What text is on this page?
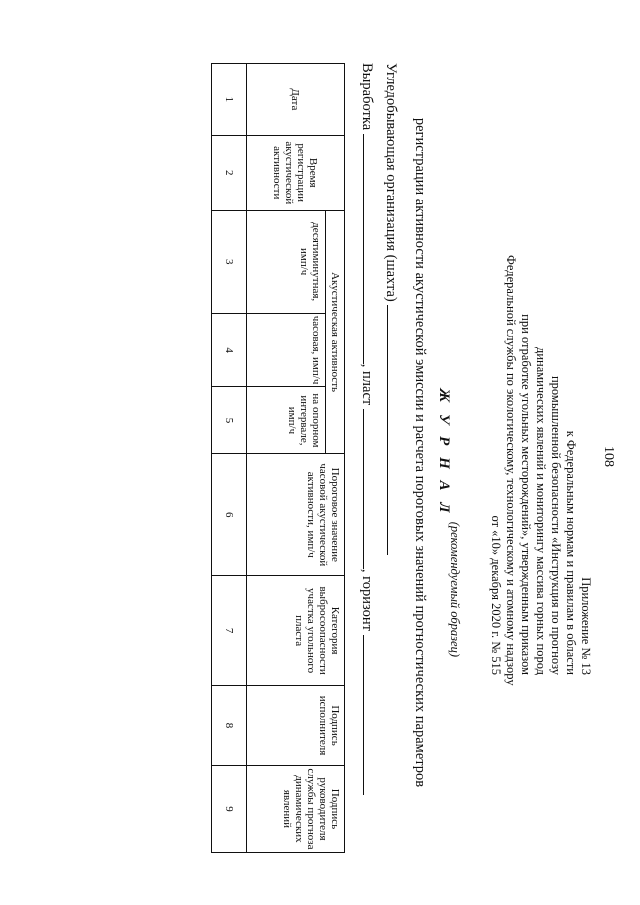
108
Приложение № 13
к Федеральным нормам и правилам в области
промышленной безопасности «Инструкция по прогнозу
динамических явлений и мониторингу массива горных пород
при отработке угольных месторождений», утвержденным приказом
Федеральной службы по экологическому, технологическому и атомному надзору
от «10» декабря 2020 г. № 515
(рекомендуемый образец)
Ж У Р Н А Л
регистрации активности акустической эмиссии и расчета пороговых значений прогностических параметров
Угледобывающая организация (шахта)
Выработка , пласт , горизонт
Дата	Время регистрации акустической активности	Акустическая активность			Пороговое значение часовой акустической активности, имп/ч	Категория выбросоопасности участка угольного пласта	Подпись исполнителя	Подпись руководителя службы прогноза динамических явлений
		десятиминутная, имп/ч	часовая, имп/ч	на опорном интервале, имп/ч				
1	2	3	4	5	6	7	8	9
